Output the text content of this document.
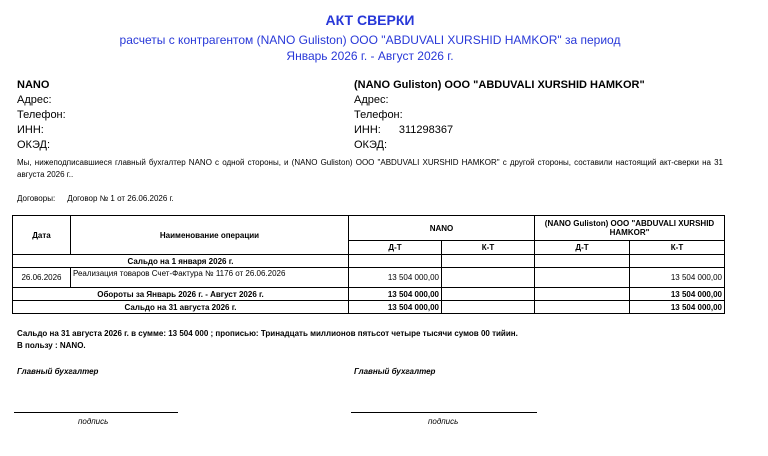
АКТ СВЕРКИ
расчеты с контрагентом (NANO Guliston) ООО "ABDUVALI XURSHID HAMKOR" за период
Январь 2026 г. - Август 2026 г.
NANO
Адрес:
Телефон:
ИНН:
ОКЭД:
(NANO Guliston) ООО "ABDUVALI XURSHID HAMKOR"
Адрес:
Телефон:
ИНН: 311298367
ОКЭД:
Мы, нижеподписавшиеся главный бухгалтер NANO с одной стороны, и (NANO Guliston) ООО "ABDUVALI XURSHID HAMKOR" с другой стороны, составили настоящий акт-сверки на 31 августа 2026 г..
Договоры: Договор № 1 от 26.06.2026 г.
Дата	Наименование операции	NANO		(NANO Guliston) ООО "ABDUVALI XURSHID HAMKOR"	
		Д-Т	К-Т	Д-Т	К-Т
Сальдо на 1 января 2026 г.					
26.06.2026	Реализация товаров Счет-Фактура № 1176 от 26.06.2026	13 504 000,00			13 504 000,00
Обороты за Январь 2026 г. - Август 2026 г.		13 504 000,00			13 504 000,00
Сальдо на 31 августа 2026 г.		13 504 000,00			13 504 000,00
Сальдо на 31 августа 2026 г. в сумме: 13 504 000 ; прописью: Тринадцать миллионов пятьсот четыре тысячи сумов 00 тийин.
В пользу : NANO.
Главный бухгалтер	Главный бухгалтер
подпись	подпись
